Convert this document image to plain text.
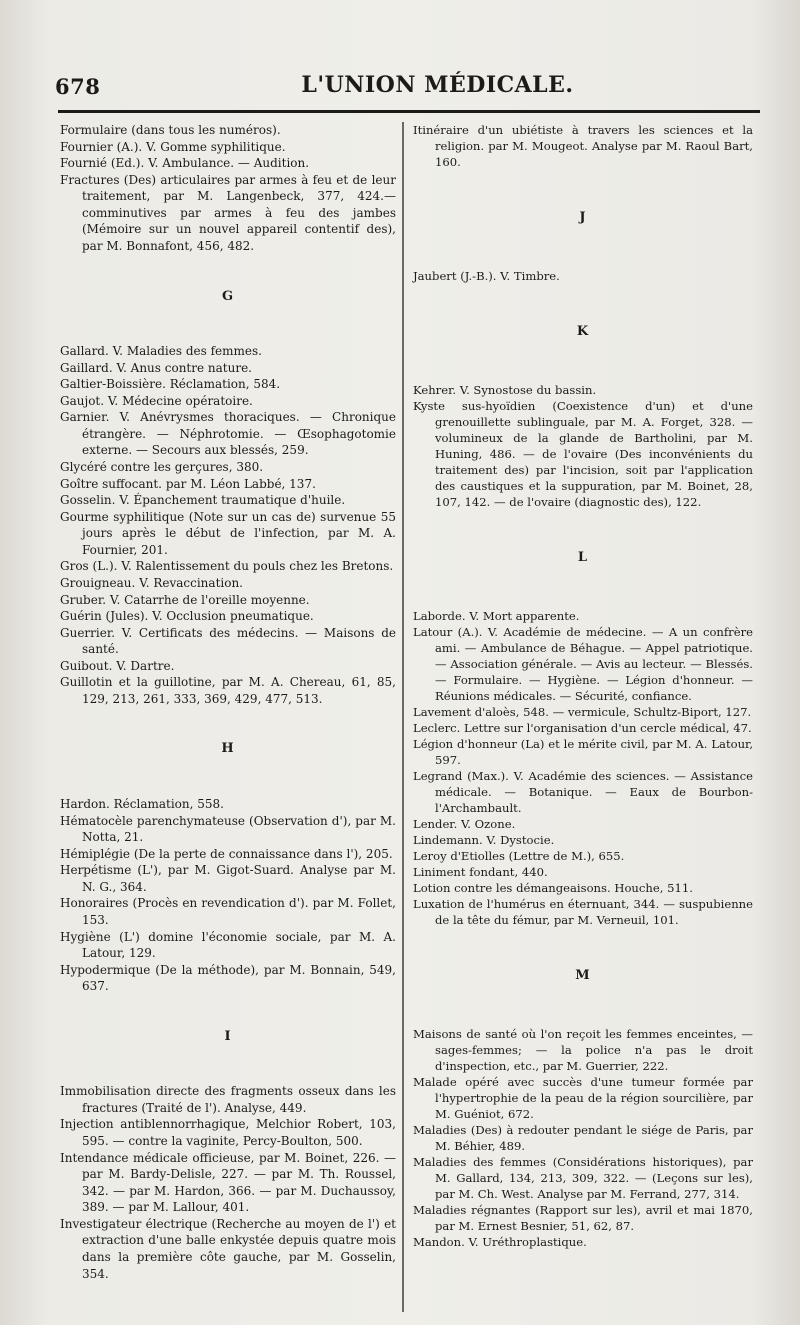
678	L'UNION MÉDICALE.

Formulaire (dans tous les numéros).

Fournier (A.). V. Gomme syphilitique.

Fournié (Ed.). V. Ambulance. — Audition.

Fractures (Des) articulaires par armes à feu et de leur traitement, par M. Langenbeck, 377, 424.— comminutives par armes à feu des jambes (Mémoire sur un nouvel appareil contentif des), par M. Bonnafont, 456, 482.

G

Gallard. V. Maladies des femmes.

Gaillard. V. Anus contre nature.

Galtier-Boissière. Réclamation, 584.

Gaujot. V. Médecine opératoire.

Garnier. V. Anévrysmes thoraciques. — Chronique étrangère. — Néphrotomie. — Œsophagotomie externe. — Secours aux blessés, 259.

Glycéré contre les gerçures, 380.

Goître suffocant. par M. Léon Labbé, 137.

Gosselin. V. Épanchement traumatique d'huile.

Gourme syphilitique (Note sur un cas de) survenue 55 jours après le début de l'infection, par M. A. Fournier, 201.

Gros (L.). V. Ralentissement du pouls chez les Bretons.

Grouigneau. V. Revaccination.

Gruber. V. Catarrhe de l'oreille moyenne.

Guérin (Jules). V. Occlusion pneumatique.

Guerrier. V. Certificats des médecins. — Maisons de santé.

Guibout. V. Dartre.

Guillotin et la guillotine, par M. A. Chereau, 61, 85, 129, 213, 261, 333, 369, 429, 477, 513.

H

Hardon. Réclamation, 558.

Hématocèle parenchymateuse (Observation d'), par M. Notta, 21.

Hémiplégie (De la perte de connaissance dans l'), 205.

Herpétisme (L'), par M. Gigot-Suard. Analyse par M. N. G., 364.

Honoraires (Procès en revendication d'). par M. Follet, 153.

Hygiène (L') domine l'économie sociale, par M. A. Latour, 129.

Hypodermique (De la méthode), par M. Bonnain, 549, 637.

I

Immobilisation directe des fragments osseux dans les fractures (Traité de l'). Analyse, 449.

Injection antiblennorrhagique, Melchior Robert, 103, 595. — contre la vaginite, Percy-Boulton, 500.

Intendance médicale officieuse, par M. Boinet, 226. — par M. Bardy-Delisle, 227. — par M. Th. Roussel, 342. — par M. Hardon, 366. — par M. Duchaussoy, 389. — par M. Lallour, 401.

Investigateur électrique (Recherche au moyen de l') et extraction d'une balle enkystée depuis quatre mois dans la première côte gauche, par M. Gosselin, 354.

Itinéraire d'un ubiétiste à travers les sciences et la religion. par M. Mougeot. Analyse par M. Raoul Bart, 160.

J

Jaubert (J.-B.). V. Timbre.

K

Kehrer. V. Synostose du bassin.

Kyste sus-hyoïdien (Coexistence d'un) et d'une grenouillette sublinguale, par M. A. Forget, 328. — volumineux de la glande de Bartholini, par M. Huning, 486. — de l'ovaire (Des inconvénients du traitement des) par l'incision, soit par l'application des caustiques et la suppuration, par M. Boinet, 28, 107, 142. — de l'ovaire (diagnostic des), 122.

L

Laborde. V. Mort apparente.

Latour (A.). V. Académie de médecine. — A un confrère ami. — Ambulance de Béhague. — Appel patriotique. — Association générale. — Avis au lecteur. — Blessés. — Formulaire. — Hygiène. — Légion d'honneur. — Réunions médicales. — Sécurité, confiance.

Lavement d'aloès, 548. — vermicule, Schultz-Biport, 127.

Leclerc. Lettre sur l'organisation d'un cercle médical, 47.

Légion d'honneur (La) et le mérite civil, par M. A. Latour, 597.

Legrand (Max.). V. Académie des sciences. — Assistance médicale. — Botanique. — Eaux de Bourbon-l'Archambault.

Lender. V. Ozone.

Lindemann. V. Dystocie.

Leroy d'Etiolles (Lettre de M.), 655.

Liniment fondant, 440.

Lotion contre les démangeaisons. Houche, 511.

Luxation de l'humérus en éternuant, 344. — suspubienne de la tête du fémur, par M. Verneuil, 101.

M

Maisons de santé où l'on reçoit les femmes enceintes, — sages-femmes; — la police n'a pas le droit d'inspection, etc., par M. Guerrier, 222.

Malade opéré avec succès d'une tumeur formée par l'hypertrophie de la peau de la région sourcilière, par M. Guéniot, 672.

Maladies (Des) à redouter pendant le siége de Paris, par M. Béhier, 489.

Maladies des femmes (Considérations historiques), par M. Gallard, 134, 213, 309, 322. — (Leçons sur les), par M. Ch. West. Analyse par M. Ferrand, 277, 314.

Maladies régnantes (Rapport sur les), avril et mai 1870, par M. Ernest Besnier, 51, 62, 87.

Mandon. V. Uréthroplastique.
